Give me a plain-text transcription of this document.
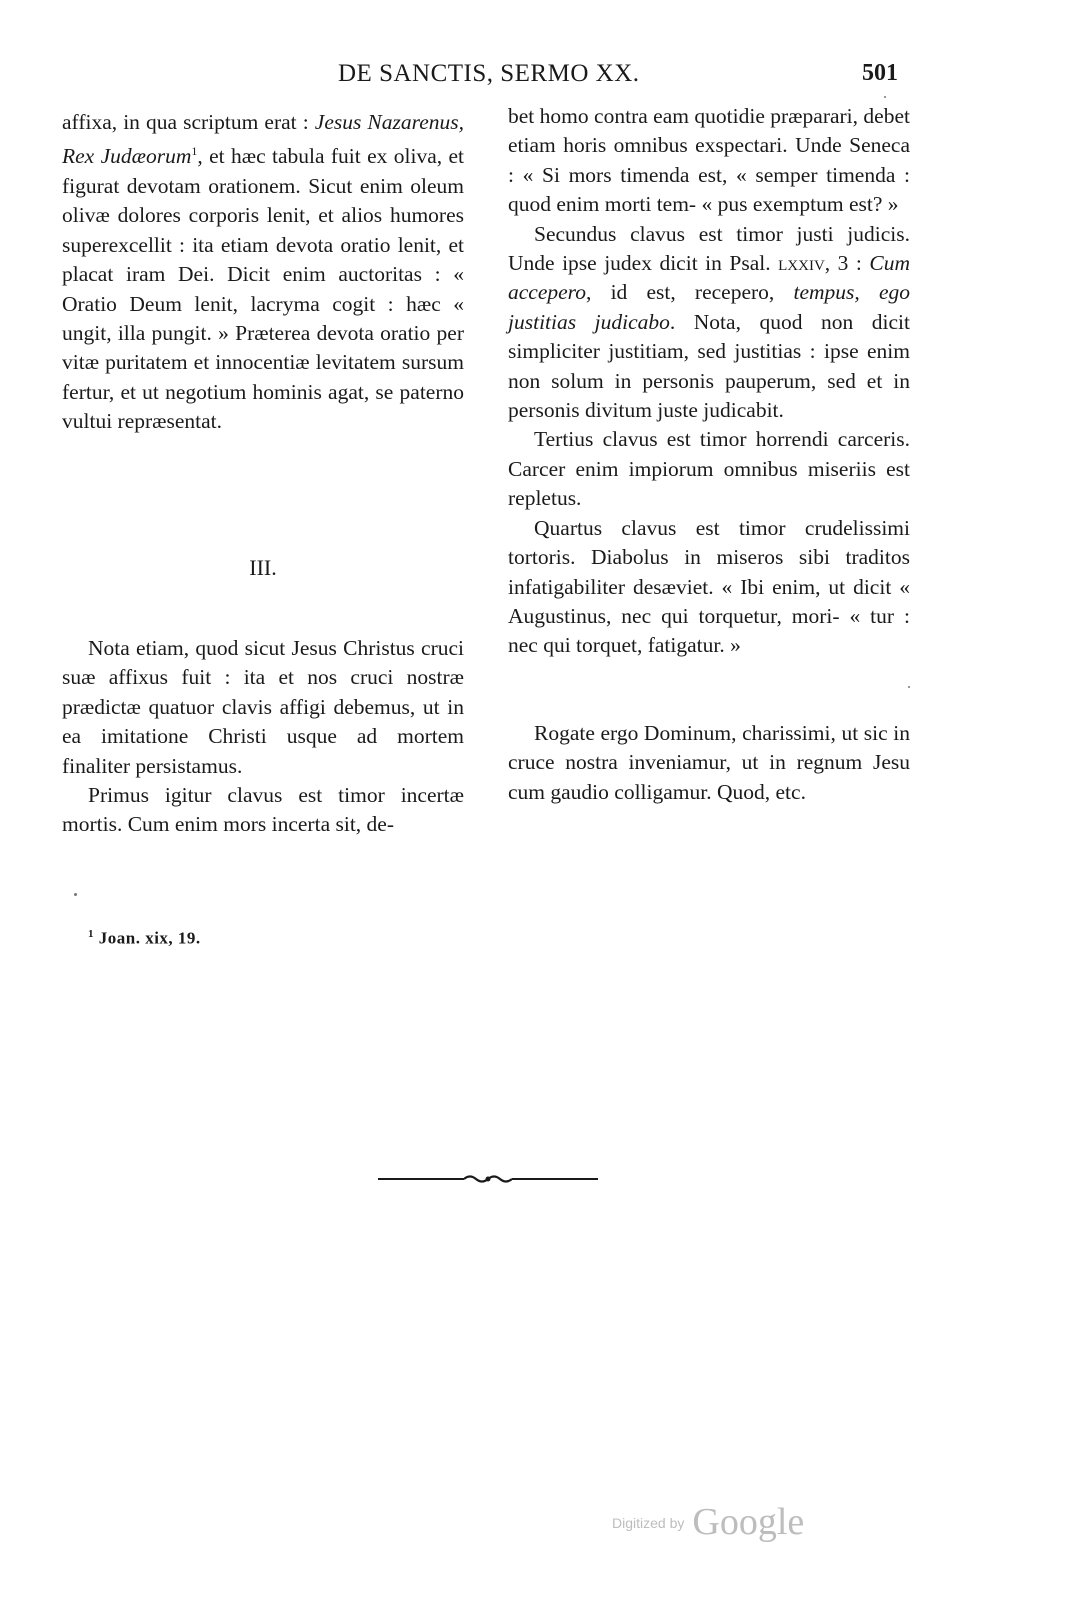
DE SANCTIS, SERMO XX.	501

affixa, in qua scriptum erat : Jesus Nazarenus, Rex Judæorum$^1$, et hæc tabula fuit ex oliva, et figurat devotam orationem. Sicut enim oleum olivæ dolores corporis lenit, et alios humores superexcellit : ita etiam devota oratio lenit, et placat iram Dei. Dicit enim auctoritas : « Oratio Deum lenit, lacryma cogit : hæc « ungit, illa pungit. » Præterea devota oratio per vitæ puritatem et innocentiæ levitatem sursum fertur, et ut negotium hominis agat, se paterno vultui repræsentat.

III.

Nota etiam, quod sicut Jesus Christus cruci suæ affixus fuit : ita et nos cruci nostræ prædictæ quatuor clavis affigi debemus, ut in ea imitatione Christi usque ad mortem finaliter persistamus.

Primus igitur clavus est timor incertæ mortis. Cum enim mors incerta sit, de-

bet homo contra eam quotidie præparari, debet etiam horis omnibus exspectari. Unde Seneca : « Si mors timenda est, « semper timenda : quod enim morti tem- « pus exemptum est? »

Secundus clavus est timor justi judicis. Unde ipse judex dicit in Psal. lxxiv, 3 : Cum accepero, id est, recepero, tempus, ego justitias judicabo. Nota, quod non dicit simpliciter justitiam, sed justitias : ipse enim non solum in personis pauperum, sed et in personis divitum juste judicabit.

Tertius clavus est timor horrendi carceris. Carcer enim impiorum omnibus miseriis est repletus.

Quartus clavus est timor crudelissimi tortoris. Diabolus in miseros sibi traditos infatigabiliter desæviet. « Ibi enim, ut dicit « Augustinus, nec qui torquetur, mori- « tur : nec qui torquet, fatigatur. »

Rogate ergo Dominum, charissimi, ut sic in cruce nostra inveniamur, ut in regnum Jesu cum gaudio colligamur. Quod, etc.

$^1$ Joan. xix, 19.
Digitized by Google
